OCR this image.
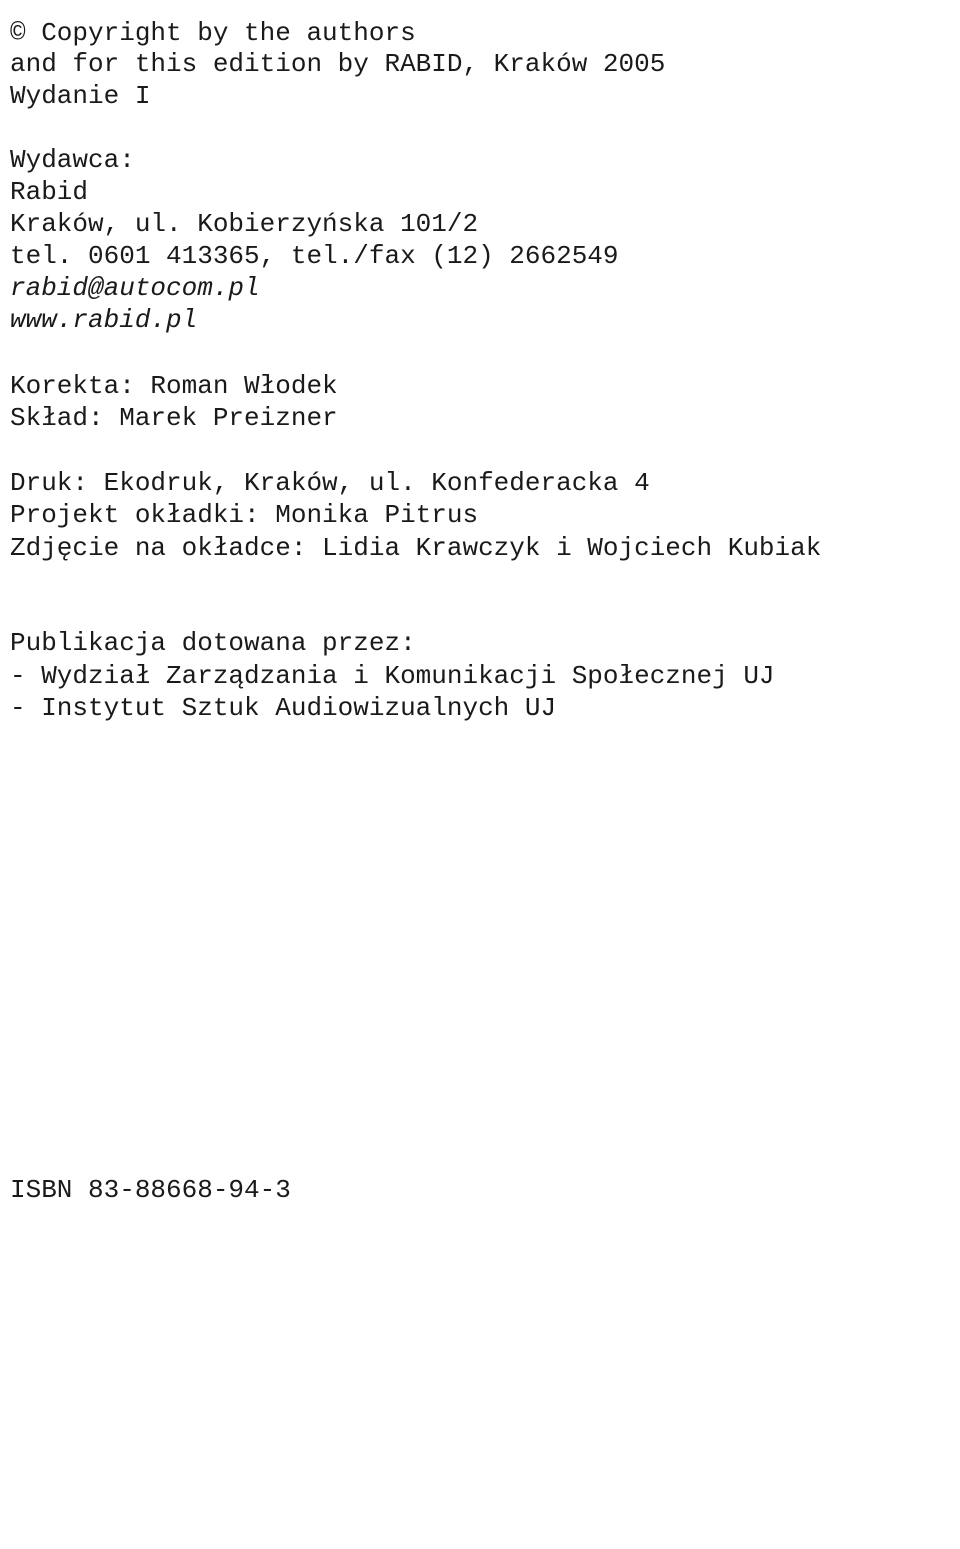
© Copyright by the authors
and for this edition by RABID, Kraków 2005
Wydanie I
Wydawca:
Rabid
Kraków, ul. Kobierzyńska 101/2
tel. 0601 413365, tel./fax (12) 2662549
rabid@autocom.pl
www.rabid.pl
Korekta: Roman Włodek
Skład: Marek Preizner
Druk: Ekodruk, Kraków, ul. Konfederacka 4
Projekt okładki: Monika Pitrus
Zdjęcie na okładce: Lidia Krawczyk i Wojciech Kubiak
Publikacja dotowana przez:
- Wydział Zarządzania i Komunikacji Społecznej UJ
- Instytut Sztuk Audiowizualnych UJ
ISBN 83-88668-94-3
